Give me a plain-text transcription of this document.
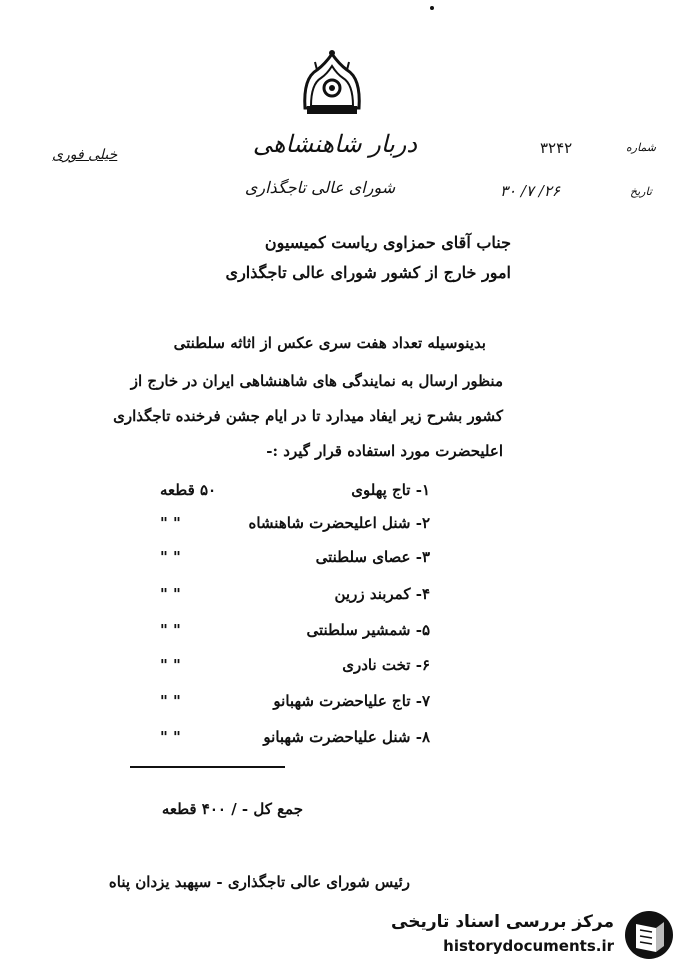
دربار شاهنشاهی
شورای عالی تاجگذاری
شماره
۳۲۴۲
تاریخ
۳۰ /۷ /۲۶
خیلی فوری
جناب آقای حمزاوی ریاست کمیسیون
امور خارج از کشور شورای عالی تاجگذاری
بدینوسیله تعداد هفت سری عکس از اثاثه سلطنتی
منظور ارسال به نمایندگی های شاهنشاهی ایران در خارج از
کشور بشرح زیر ایفاد میدارد تا در ایام جشن فرخنده تاجگذاری
اعلیحضرت مورد استفاده قرار گیرد :-
۱- تاج پهلوی
۵۰ قطعه
۲- شنل اعلیحضرت شاهنشاه
" "
۳- عصای سلطنتی
" "
۴- کمربند زرین
" "
۵- شمشیر سلطنتی
" "
۶- تخت نادری
" "
۷- تاج علیاحضرت شهبانو
" "
۸- شنل علیاحضرت شهبانو
" "
جمع کل - / ۴۰۰ قطعه
رئیس شورای عالی تاجگذاری - سپهبد یزدان پناه
مرکز بررسی اسناد تاریخی
historydocuments.ir
